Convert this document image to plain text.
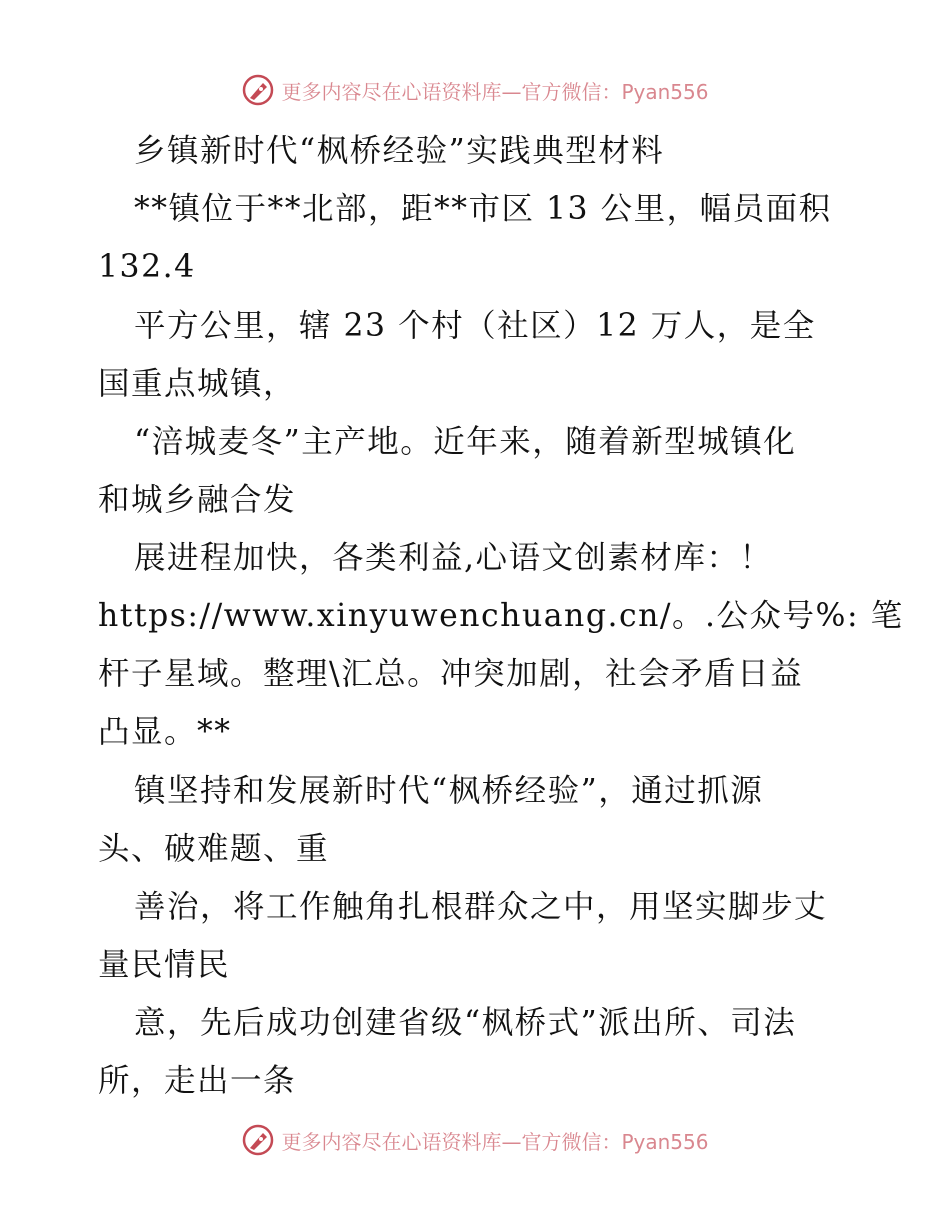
更多内容尽在心语资料库—官方微信：Pyan556
乡镇新时代“枫桥经验”实践典型材料
**镇位于**北部，距**市区 13 公里，幅员面积
132.4
平方公里，辖 23 个村（社区）12 万人，是全
国重点城镇，
“涪城麦冬”主产地。近年来，随着新型城镇化
和城乡融合发
展进程加快，各类利益,心语文创素材库：！
https://www.xinyuwenchuang.cn/。.公众号%: 笔
杆子星域。整理\汇总。冲突加剧，社会矛盾日益
凸显。**
镇坚持和发展新时代“枫桥经验”，通过抓源
头、破难题、重
善治，将工作触角扎根群众之中，用坚实脚步丈
量民情民
意，先后成功创建省级“枫桥式”派出所、司法
所，走出一条
更多内容尽在心语资料库—官方微信：Pyan556
